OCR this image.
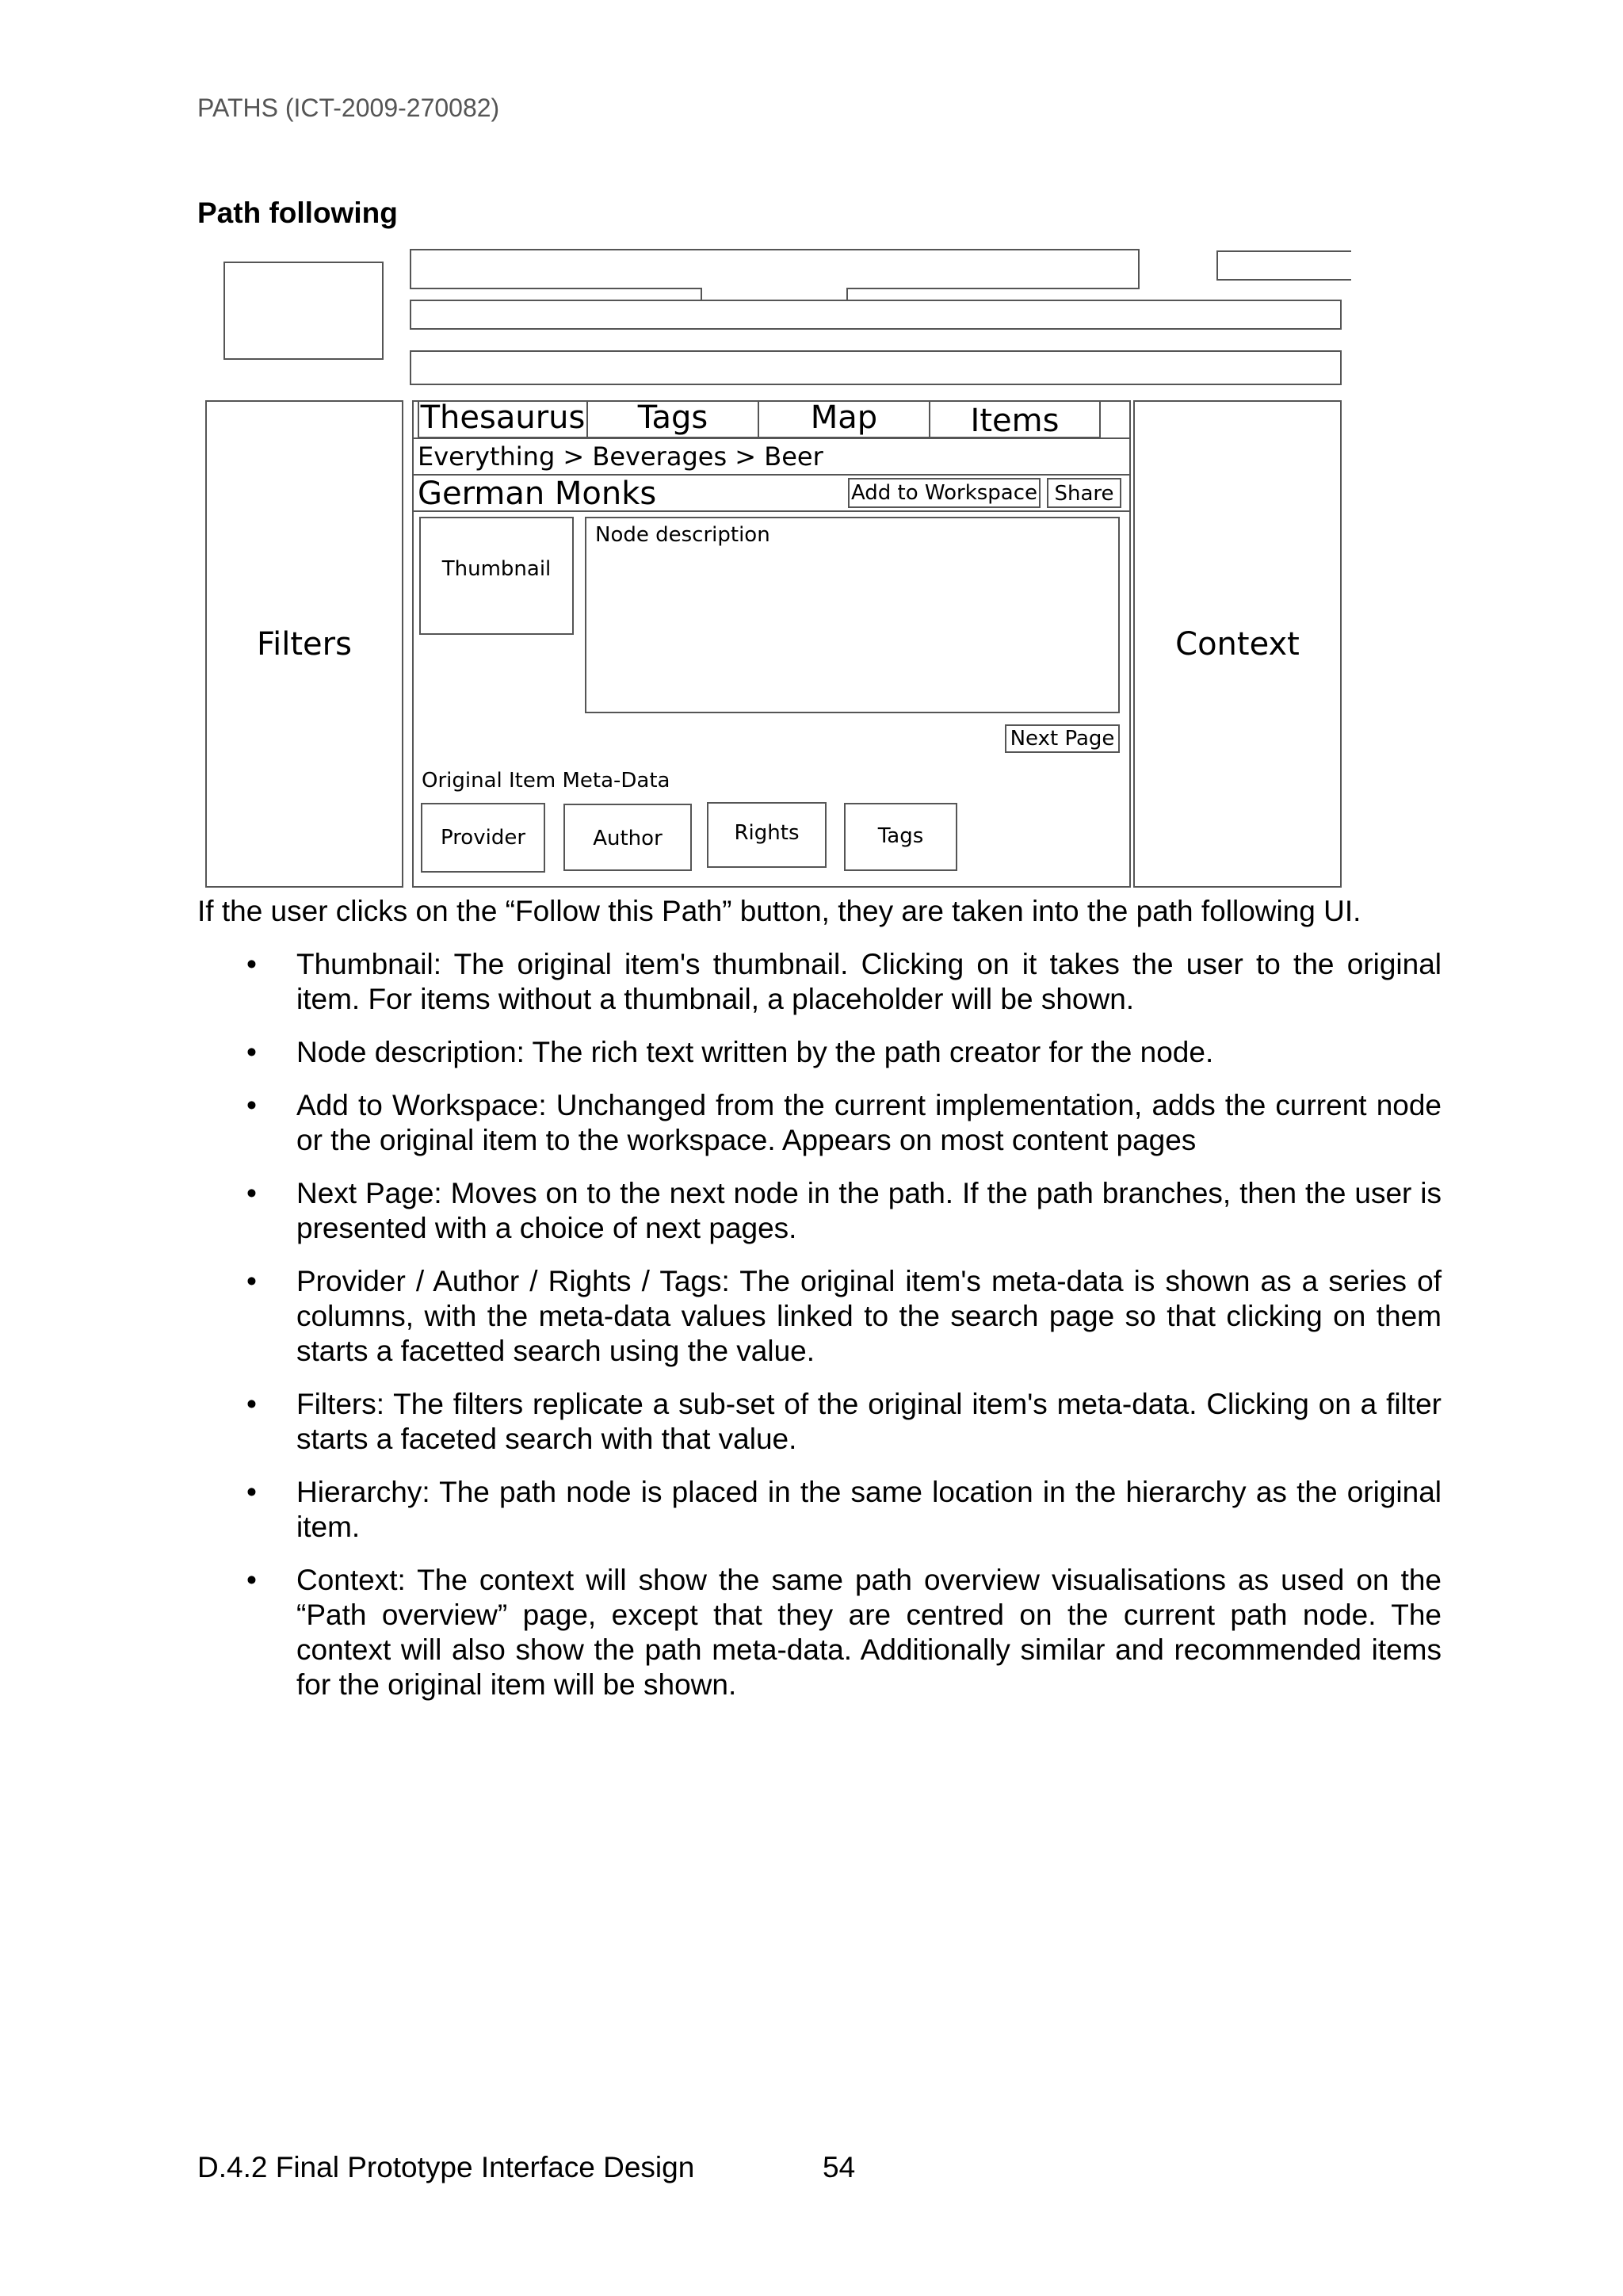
PATHS (ICT-2009-270082)
Path following
Filters
Thesaurus	Tags	Map	Items
Everything > Beverages > Beer
German Monks	Add to Workspace Share
Thumbnail
Node description
Next Page
Original Item Meta-Data
Provider	Author	Rights	Tags
Context
If the user clicks on the “Follow this Path” button, they are taken into the path following UI.
• Thumbnail: The original item's thumbnail. Clicking on it takes the user to the original item. For items without a thumbnail, a placeholder will be shown.
• Node description: The rich text written by the path creator for the node.
• Add to Workspace: Unchanged from the current implementation, adds the current node or the original item to the workspace. Appears on most content pages
• Next Page: Moves on to the next node in the path. If the path branches, then the user is presented with a choice of next pages.
• Provider / Author / Rights / Tags: The original item's meta-data is shown as a series of columns, with the meta-data values linked to the search page so that clicking on them starts a facetted search using the value.
• Filters: The filters replicate a sub-set of the original item's meta-data. Clicking on a filter starts a faceted search with that value.
• Hierarchy: The path node is placed in the same location in the hierarchy as the original item.
• Context: The context will show the same path overview visualisations as used on the “Path overview” page, except that they are centred on the current path node. The context will also show the path meta-data. Additionally similar and recommended items for the original item will be shown.
D.4.2 Final Prototype Interface Design	54
